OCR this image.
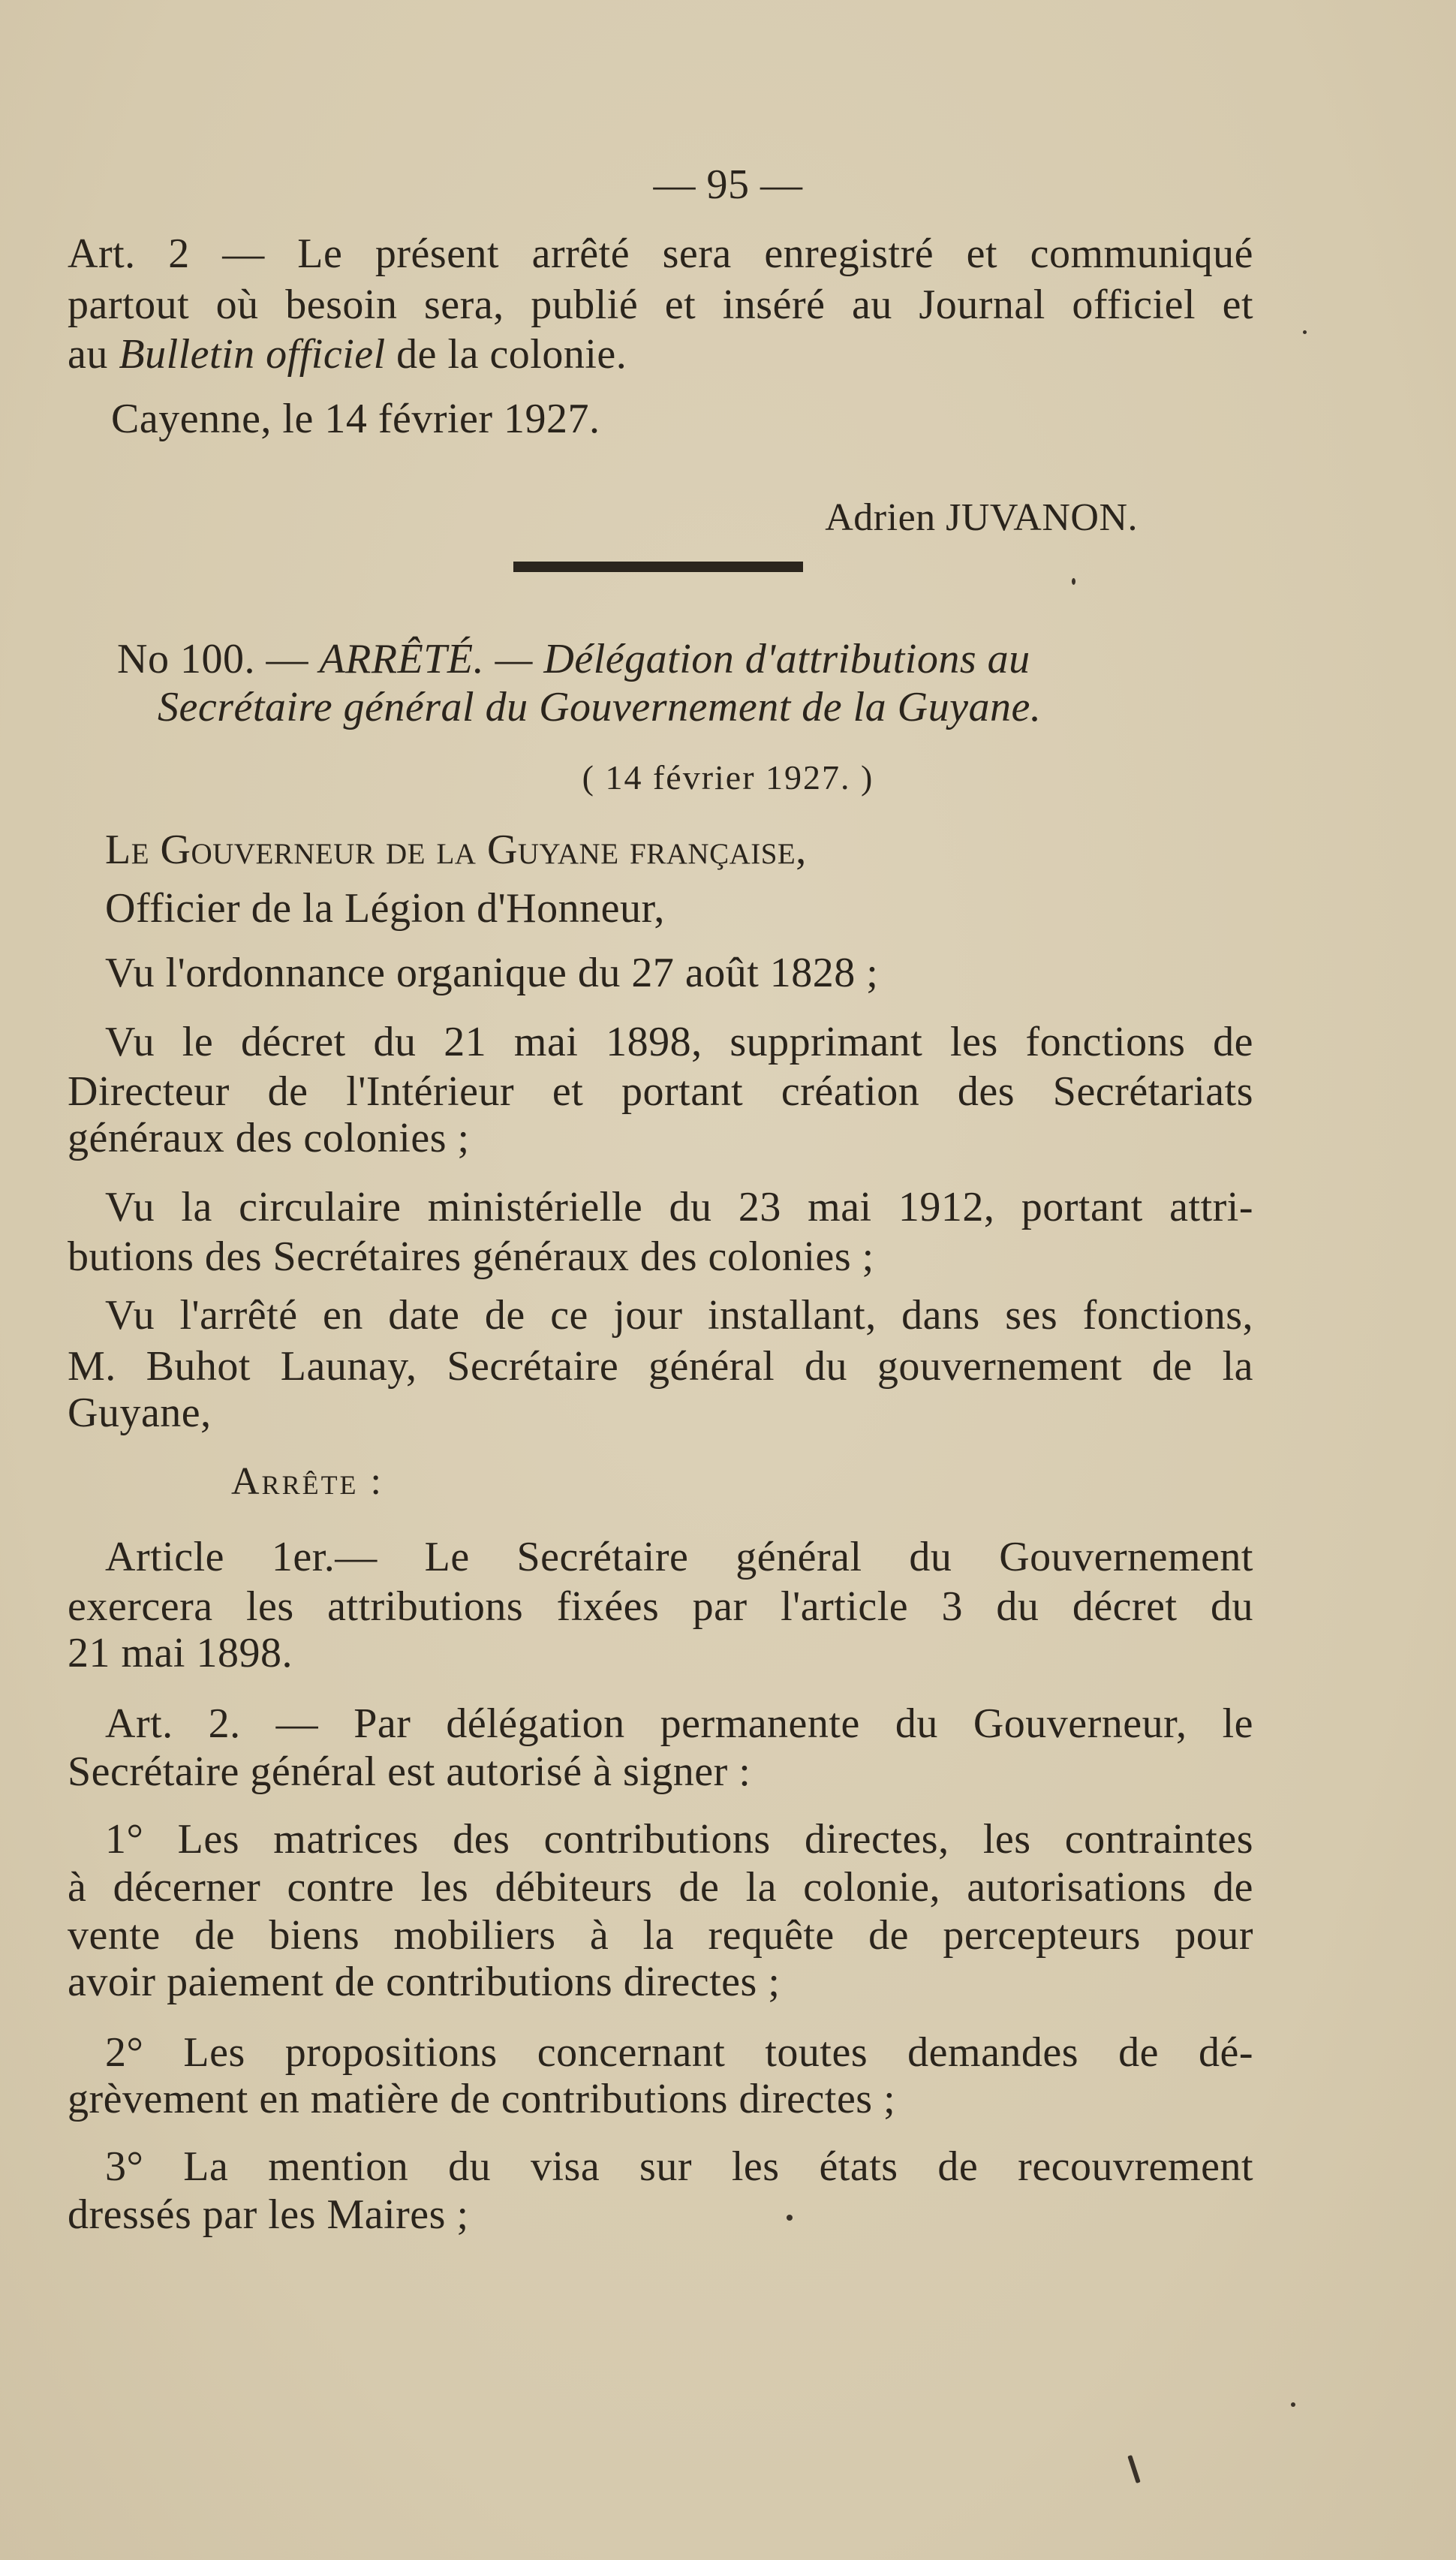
— 95 —
Art. 2 — Le présent arrêté sera enregistré et communiqué
partout où besoin sera, publié et inséré au Journal officiel et
au Bulletin officiel de la colonie.
Cayenne, le 14 février 1927.
Adrien JUVANON.
No 100. — ARRÊTÉ. — Délégation d'attributions au
Secrétaire général du Gouvernement de la Guyane.
( 14 février 1927. )
Le Gouverneur de la Guyane française,
Officier de la Légion d'Honneur,
Vu l'ordonnance organique du 27 août 1828 ;
Vu le décret du 21 mai 1898, supprimant les fonctions de
Directeur de l'Intérieur et portant création des Secrétariats
généraux des colonies ;
Vu la circulaire ministérielle du 23 mai 1912, portant attri-
butions des Secrétaires généraux des colonies ;
Vu l'arrêté en date de ce jour installant, dans ses fonctions,
M. Buhot Launay, Secrétaire général du gouvernement de la
Guyane,
Arrête :
Article 1er.— Le Secrétaire général du Gouvernement
exercera les attributions fixées par l'article 3 du décret du
21 mai 1898.
Art. 2. — Par délégation permanente du Gouverneur, le
Secrétaire général est autorisé à signer :
1° Les matrices des contributions directes, les contraintes
à décerner contre les débiteurs de la colonie, autorisations de
vente de biens mobiliers à la requête de percepteurs pour
avoir paiement de contributions directes ;
2° Les propositions concernant toutes demandes de dé-
grèvement en matière de contributions directes ;
3° La mention du visa sur les états de recouvrement
dressés par les Maires ;
